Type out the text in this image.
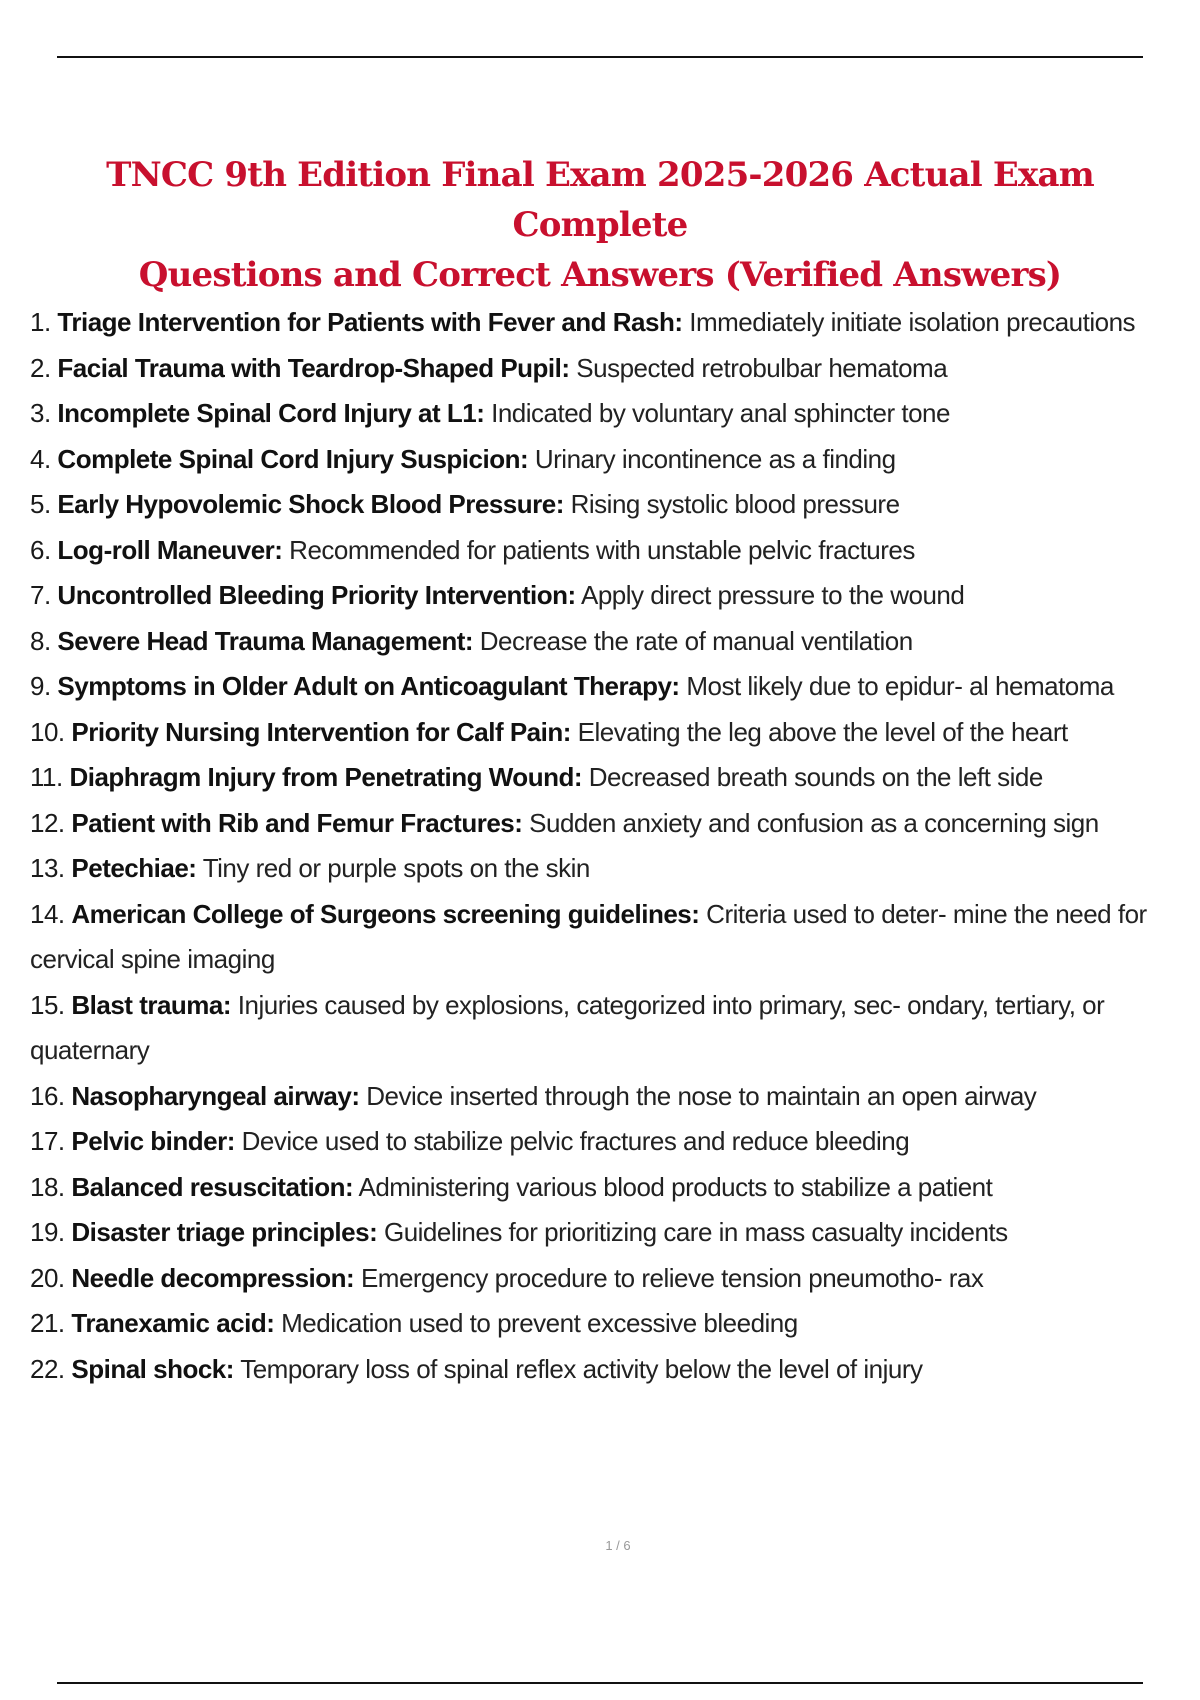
TNCC 9th Edition Final Exam 2025-2026 Actual Exam Complete
Questions and Correct Answers (Verified Answers)
1. Triage Intervention for Patients with Fever and Rash: Immediately initiate isolation precautions
2. Facial Trauma with Teardrop-Shaped Pupil: Suspected retrobulbar hematoma
3. Incomplete Spinal Cord Injury at L1: Indicated by voluntary anal sphincter tone
4. Complete Spinal Cord Injury Suspicion: Urinary incontinence as a finding
5. Early Hypovolemic Shock Blood Pressure: Rising systolic blood pressure
6. Log-roll Maneuver: Recommended for patients with unstable pelvic fractures
7. Uncontrolled Bleeding Priority Intervention: Apply direct pressure to the wound
8. Severe Head Trauma Management: Decrease the rate of manual ventilation
9. Symptoms in Older Adult on Anticoagulant Therapy: Most likely due to epidur- al hematoma
10. Priority Nursing Intervention for Calf Pain: Elevating the leg above the level of the heart
11. Diaphragm Injury from Penetrating Wound: Decreased breath sounds on the left side
12. Patient with Rib and Femur Fractures: Sudden anxiety and confusion as a concerning sign
13. Petechiae: Tiny red or purple spots on the skin
14. American College of Surgeons screening guidelines: Criteria used to deter- mine the need for cervical spine imaging
15. Blast trauma: Injuries caused by explosions, categorized into primary, sec- ondary, tertiary, or quaternary
16. Nasopharyngeal airway: Device inserted through the nose to maintain an open airway
17. Pelvic binder: Device used to stabilize pelvic fractures and reduce bleeding
18. Balanced resuscitation: Administering various blood products to stabilize a patient
19. Disaster triage principles: Guidelines for prioritizing care in mass casualty incidents
20. Needle decompression: Emergency procedure to relieve tension pneumotho- rax
21. Tranexamic acid: Medication used to prevent excessive bleeding
22. Spinal shock: Temporary loss of spinal reflex activity below the level of injury
1 / 6
